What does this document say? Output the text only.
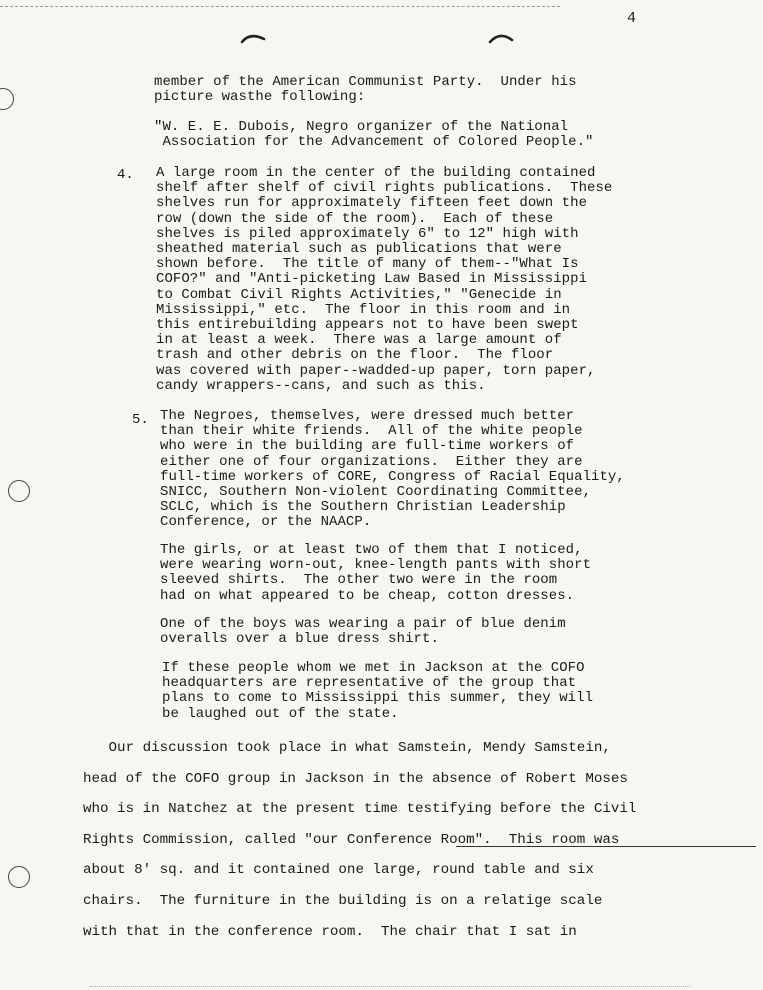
4
member of the American Communist Party.  Under his
picture wasthe following:
"W. E. E. Dubois, Negro organizer of the National
Association for the Advancement of Colored People."
4. A large room in the center of the building contained
shelf after shelf of civil rights publications.  These
shelves run for approximately fifteen feet down the
row (down the side of the room).  Each of these
shelves is piled approximately 6" to 12" high with
sheathed material such as publications that were
shown before.  The title of many of them--"What Is
COFO?" and "Anti-picketing Law Based in Mississippi
to Combat Civil Rights Activities," "Genecide in
Mississippi," etc.  The floor in this room and in
this entirebuilding appears not to have been swept
in at least a week.  There was a large amount of
trash and other debris on the floor.  The floor
was covered with paper--wadded-up paper, torn paper,
candy wrappers--cans, and such as this.
5. The Negroes, themselves, were dressed much better
than their white friends.  All of the white people
who were in the building are full-time workers of
either one of four organizations.  Either they are
full-time workers of CORE, Congress of Racial Equality,
SNICC, Southern Non-violent Coordinating Committee,
SCLC, which is the Southern Christian Leadership
Conference, or the NAACP.
The girls, or at least two of them that I noticed,
were wearing worn-out, knee-length pants with short
sleeved shirts.  The other two were in the room
had on what appeared to be cheap, cotton dresses.
One of the boys was wearing a pair of blue denim
overalls over a blue dress shirt.
If these people whom we met in Jackson at the COFO
headquarters are representative of the group that
plans to come to Mississippi this summer, they will
be laughed out of the state.
Our discussion took place in what Samstein, Mendy Samstein,
head of the COFO group in Jackson in the absence of Robert Moses
who is in Natchez at the present time testifying before the Civil
Rights Commission, called "our Conference Room".  This room was
about 8' sq. and it contained one large, round table and six
chairs.  The furniture in the building is on a relatige scale
with that in the conference room.  The chair that I sat in
